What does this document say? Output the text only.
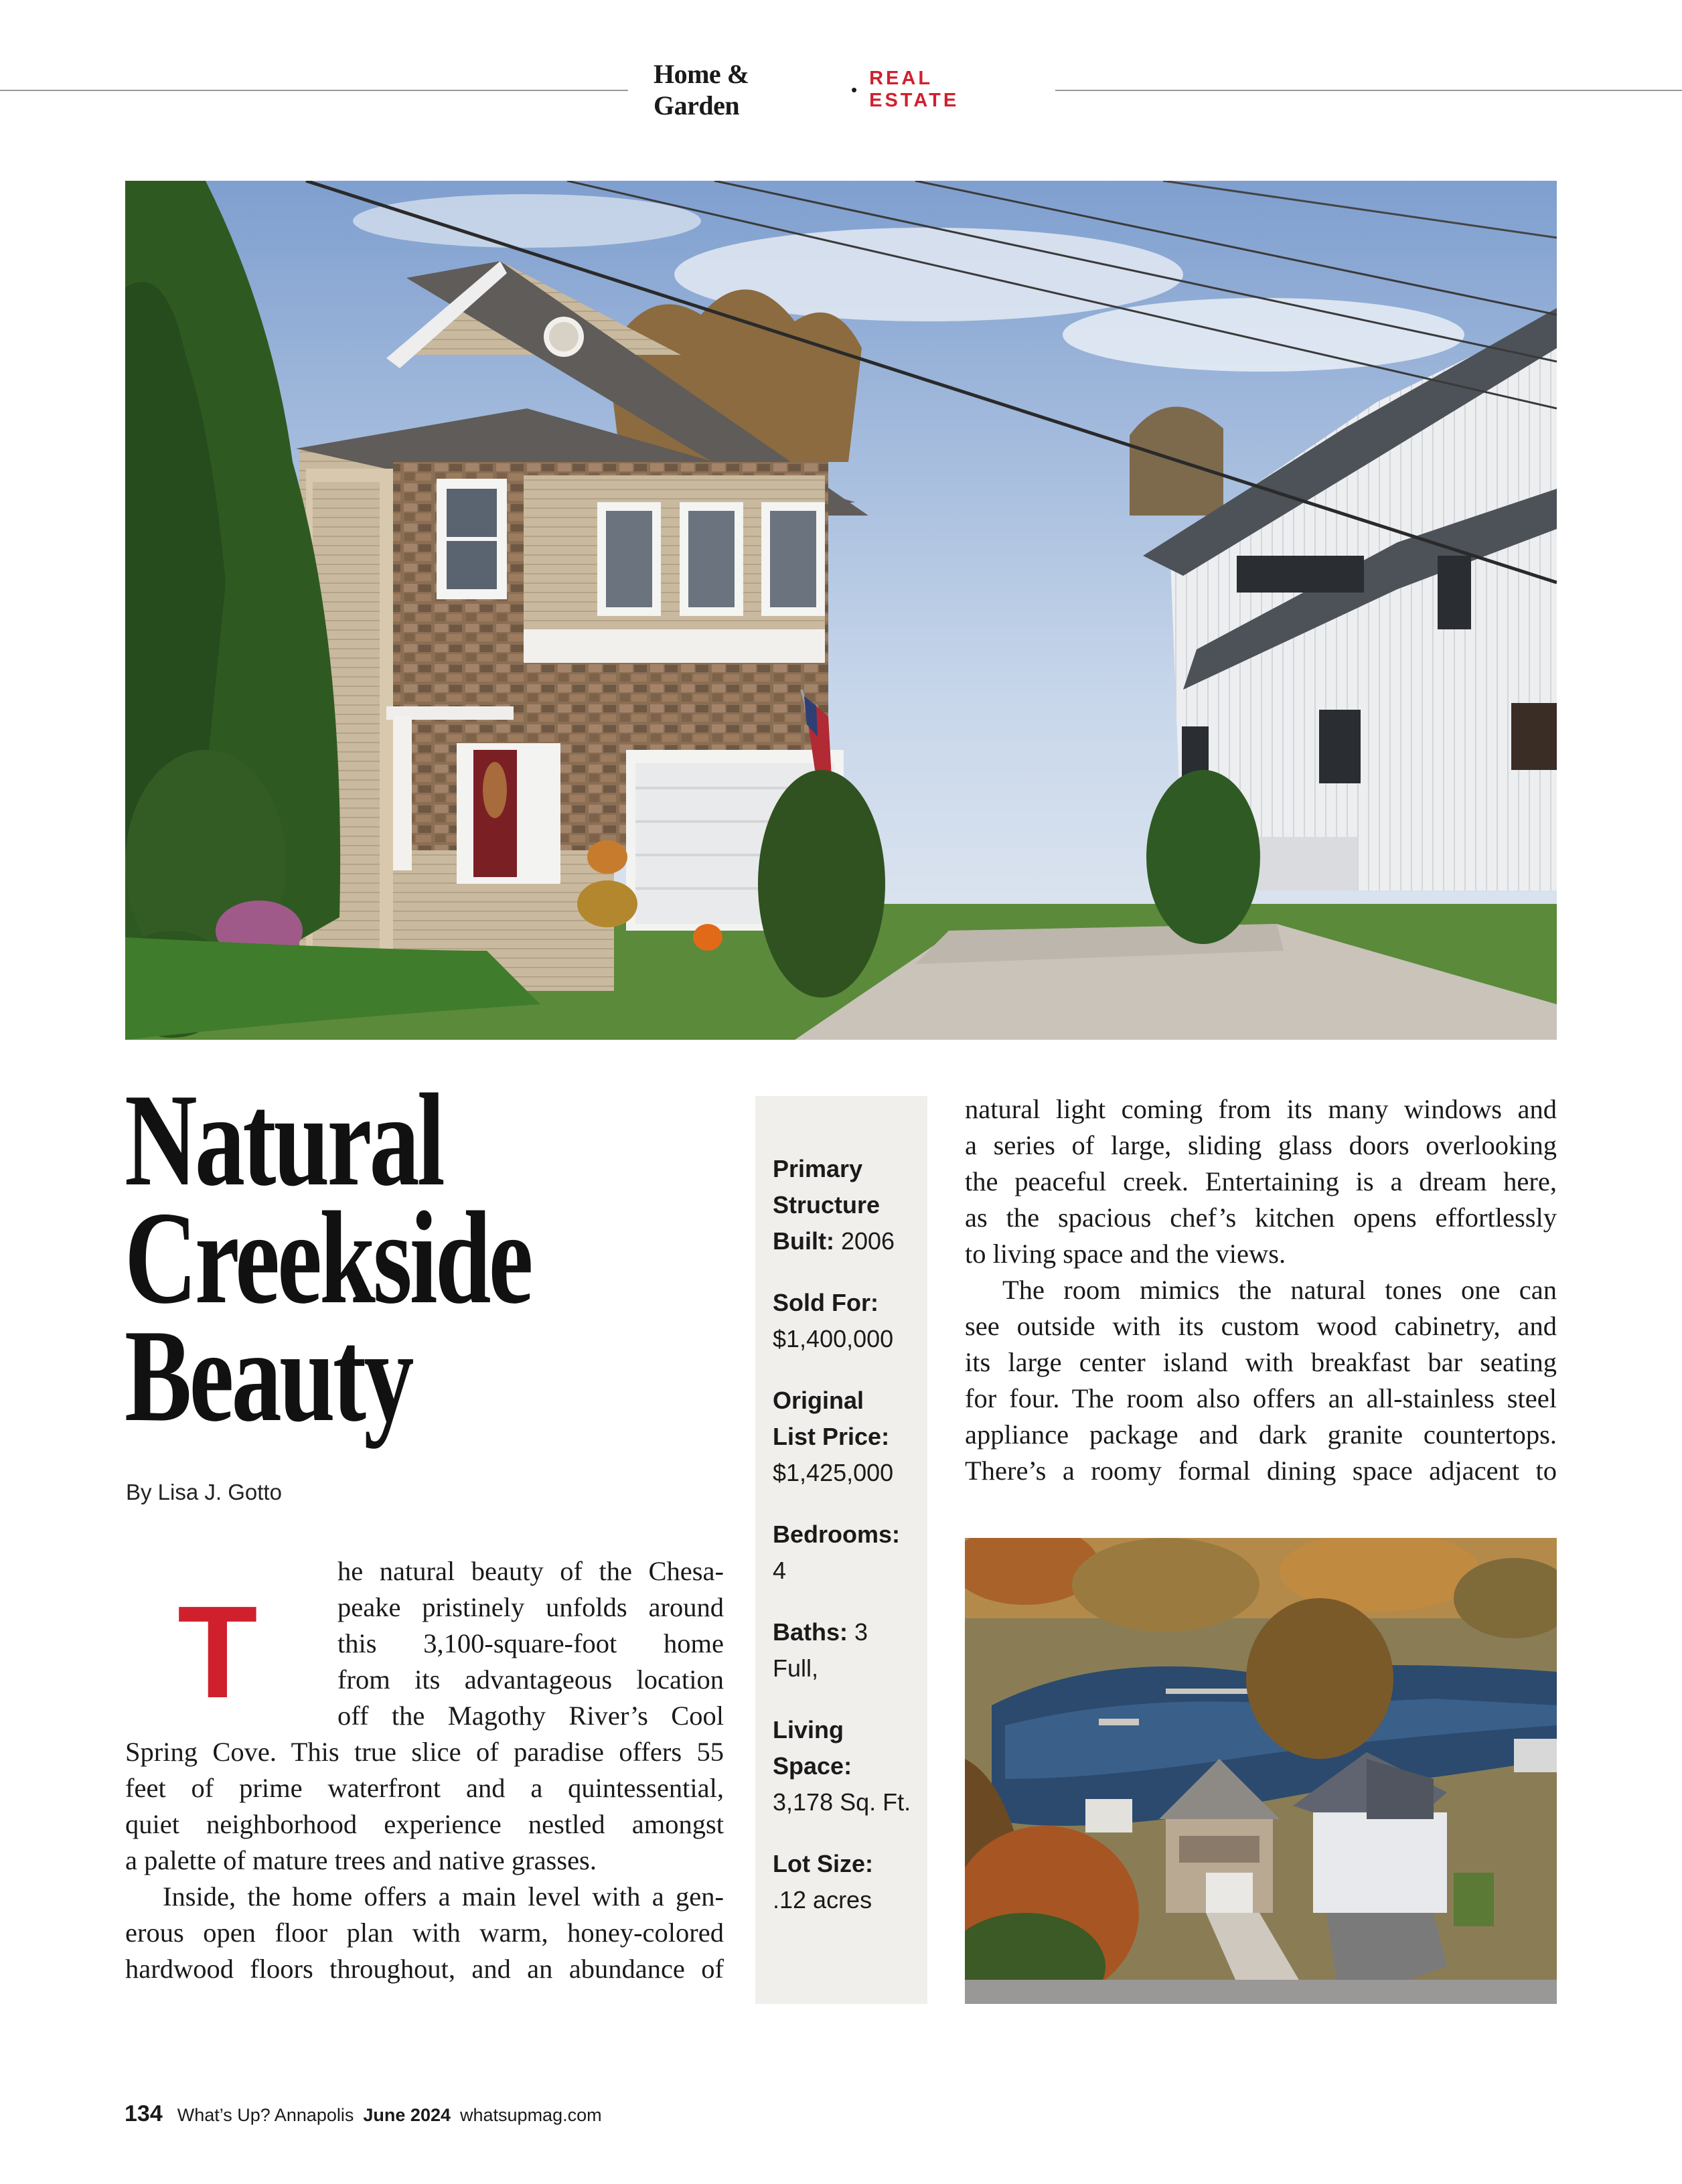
Home & Garden
•
REAL ESTATE
Natural
Creekside
Beauty
By Lisa J. Gotto
T
he natural beauty of the Chesa-
peake pristinely unfolds around
this 3,100-square-foot home
from its advantageous location
off the Magothy River’s Cool
Spring Cove. This true slice of paradise offers 55
feet of prime waterfront and a quintessential,
quiet neighborhood experience nestled amongst
a palette of mature trees and native grasses.
Inside, the home offers a main level with a gen-
erous open floor plan with warm, honey-colored
hardwood floors throughout, and an abundance of
Primary Structure Built: 2006
Sold For:
$1,400,000
Original List Price:
$1,425,000
Bedrooms:
4
Baths: 3 Full,
Living Space: 3,178 Sq. Ft.
Lot Size:
.12 acres
natural light coming from its many windows and
a series of large, sliding glass doors overlooking
the peaceful creek. Entertaining is a dream here,
as the spacious chef’s kitchen opens effortlessly
to living space and the views.
The room mimics the natural tones one can
see outside with its custom wood cabinetry, and
its large center island with breakfast bar seating
for four. The room also offers an all-stainless steel
appliance package and dark granite countertops.
There’s a roomy formal dining space adjacent to
134 What’s Up? Annapolis June 2024 whatsupmag.com
